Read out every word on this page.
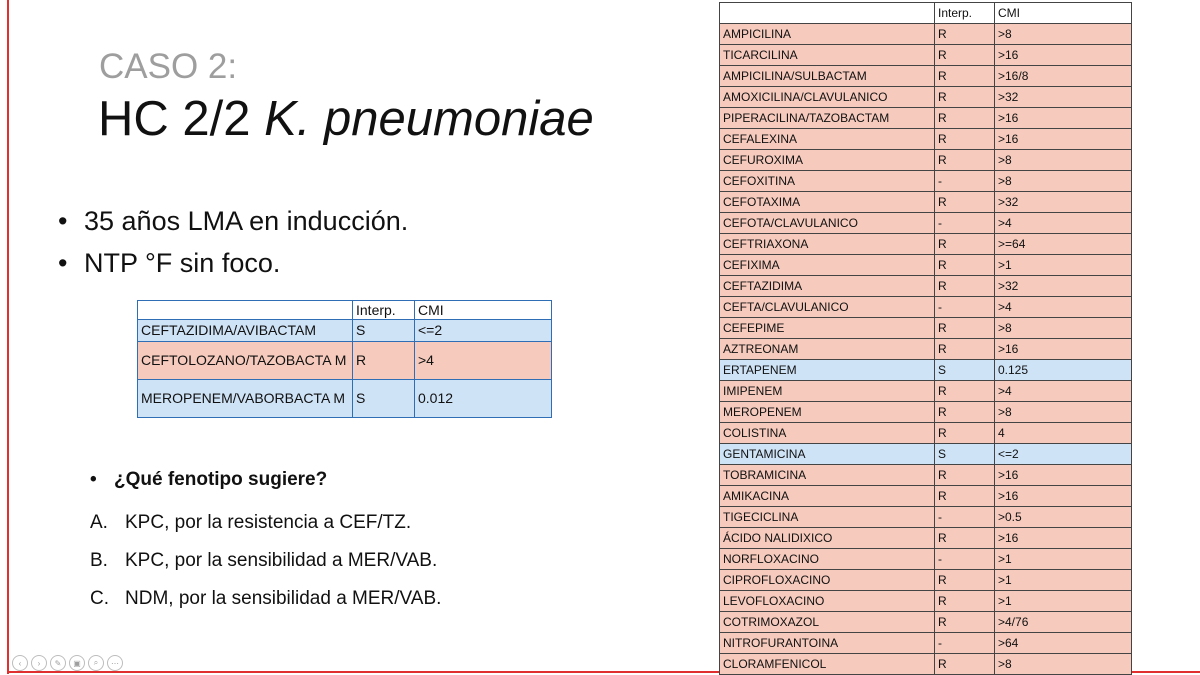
CASO 2:
HC 2/2 K. pneumoniae
• 35 años LMA en inducción.
• NTP °F sin foco.
	Interp.	CMI
CEFTAZIDIMA/AVIBACTAM	S	<=2
CEFTOLOZANO/TAZOBACTA M	R	>4
MEROPENEM/VABORBACTA M	S	0.012
• ¿Qué fenotipo sugiere?
A. KPC, por la resistencia a CEF/TZ.
B. KPC, por la sensibilidad a MER/VAB.
C. NDM, por la sensibilidad a MER/VAB.
	Interp.	CMI
AMPICILINA	R	>8
TICARCILINA	R	>16
AMPICILINA/SULBACTAM	R	>16/8
AMOXICILINA/CLAVULANICO	R	>32
PIPERACILINA/TAZOBACTAM	R	>16
CEFALEXINA	R	>16
CEFUROXIMA	R	>8
CEFOXITINA	-	>8
CEFOTAXIMA	R	>32
CEFOTA/CLAVULANICO	-	>4
CEFTRIAXONA	R	>=64
CEFIXIMA	R	>1
CEFTAZIDIMA	R	>32
CEFTA/CLAVULANICO	-	>4
CEFEPIME	R	>8
AZTREONAM	R	>16
ERTAPENEM	S	0.125
IMIPENEM	R	>4
MEROPENEM	R	>8
COLISTINA	R	4
GENTAMICINA	S	<=2
TOBRAMICINA	R	>16
AMIKACINA	R	>16
TIGECICLINA	-	>0.5
ÁCIDO NALIDIXICO	R	>16
NORFLOXACINO	-	>1
CIPROFLOXACINO	R	>1
LEVOFLOXACINO	R	>1
COTRIMOXAZOL	R	>4/76
NITROFURANTOINA	-	>64
CLORAMFENICOL	R	>8
‹	›	✎	▣	⌕	⋯
